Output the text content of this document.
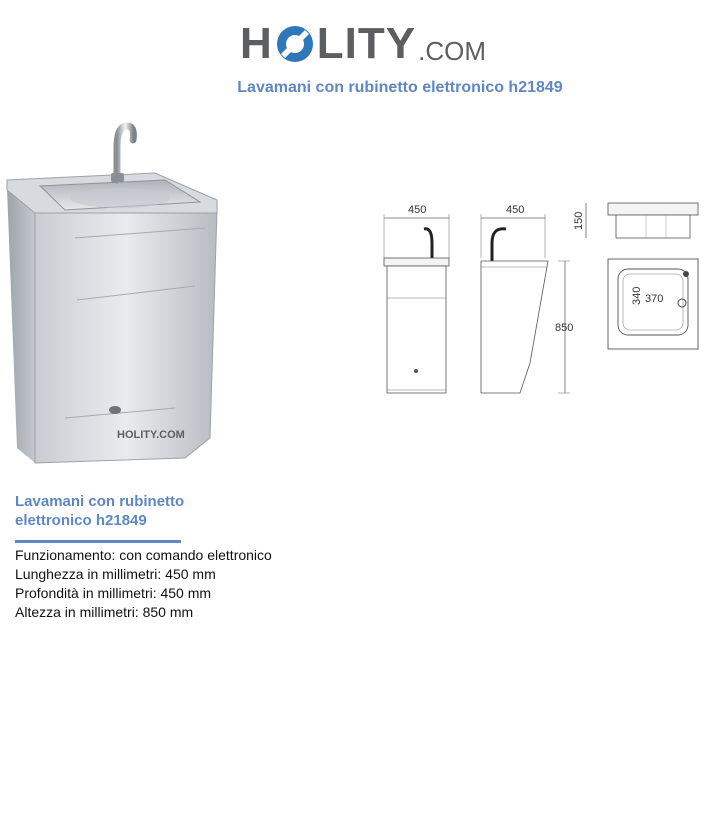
H LITY .COM
Lavamani con rubinetto elettronico h21849
HOLITY.COM
450	450
850
150
340 370
Lavamani con rubinetto
elettronico h21849
Funzionamento: con comando elettronico
Lunghezza in millimetri: 450 mm
Profondità in millimetri: 450 mm
Altezza in millimetri: 850 mm
